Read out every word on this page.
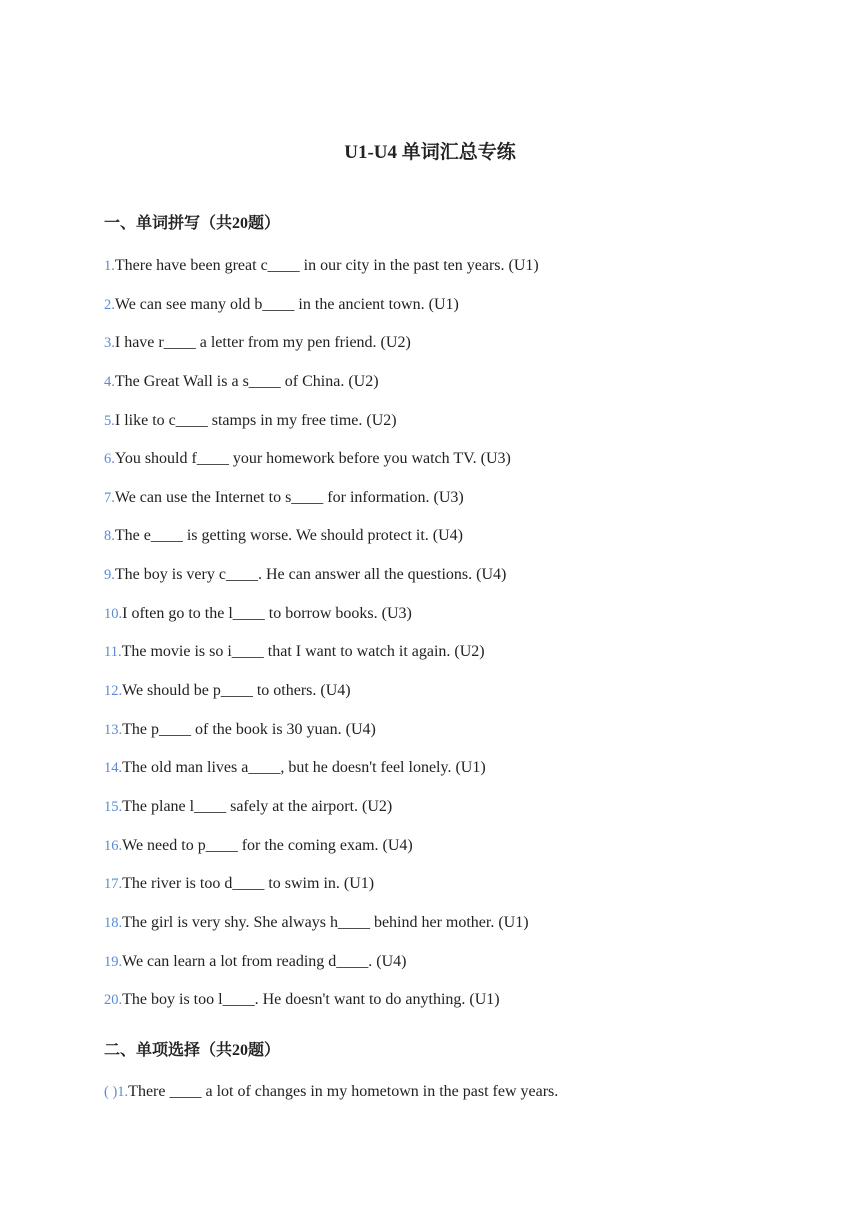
U1-U4 单词汇总专练
一、单词拼写（共20题）
1.There have been great c____ in our city in the past ten years. (U1)
2.We can see many old b____ in the ancient town. (U1)
3.I have r____ a letter from my pen friend. (U2)
4.The Great Wall is a s____ of China. (U2)
5.I like to c____ stamps in my free time. (U2)
6.You should f____ your homework before you watch TV. (U3)
7.We can use the Internet to s____ for information. (U3)
8.The e____ is getting worse. We should protect it. (U4)
9.The boy is very c____. He can answer all the questions. (U4)
10.I often go to the l____ to borrow books. (U3)
11.The movie is so i____ that I want to watch it again. (U2)
12.We should be p____ to others. (U4)
13.The p____ of the book is 30 yuan. (U4)
14.The old man lives a____, but he doesn't feel lonely. (U1)
15.The plane l____ safely at the airport. (U2)
16.We need to p____ for the coming exam. (U4)
17.The river is too d____ to swim in. (U1)
18.The girl is very shy. She always h____ behind her mother. (U1)
19.We can learn a lot from reading d____. (U4)
20.The boy is too l____. He doesn't want to do anything. (U1)
二、单项选择（共20题）
( )1.There ____ a lot of changes in my hometown in the past few years.
